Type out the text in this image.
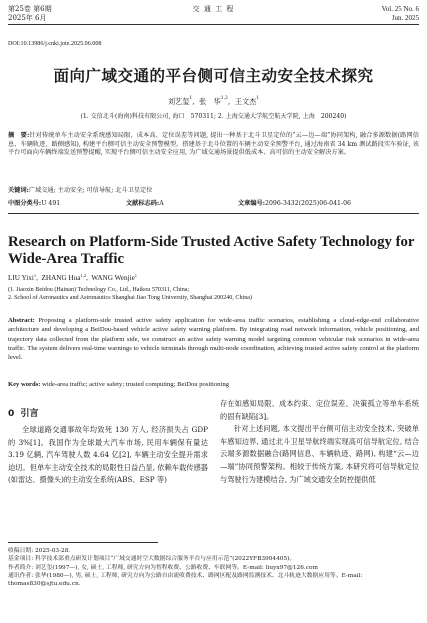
第25卷 第6期
2025年 6月
交 通 工 程	Vol. 25 No. 6
Jun. 2025
DOI:10.13986/j.cnki.jote.2025.06.008
面向广域交通的平台侧可信主动安全技术探究
刘艺玺$^1$,  张　华$^{1,2}$,  王文杰$^1$
(1. 交信北斗(海南)科技有限公司, 海口　570311; 2. 上海交通大学航空航天学院, 上海　200240)
摘　要:针对传统单车主动安全系统感知局限、成本高、定位误差等问题, 提出一种基于北斗卫星定位的“云—边—端”协同架构, 融合多源数据(路网信息、车辆轨迹、路侧感知), 构建平台侧可信主动安全预警模型。搭建基于北斗位置的车辆主动安全预警平台, 通过海南省 34 km 测试路段实车验证, 该平台可面向车辆终端发送预警提醒, 实现平台侧可信主动安全应用, 为广域交通场景提供低成本、高可信的主动安全解决方案。
关键词:广域交通; 主动安全; 可信导航; 北斗卫星定位
中图分类号:U 491	文献标志码:A	文章编号:2096-3432(2025)06-041-06
Research on Platform-Side Trusted Active Safety Technology for Wide-Area Traffic
LIU Yixi$^1$,  ZHANG Hua$^{1,2}$,  WANG Wenjie$^1$
(1. Jiaoxin Beidou (Hainan) Technology Co., Ltd., Haikou 570311, China;
2. School of Aeronautics and Astronautics Shanghai Jiao Tong University, Shanghai 200240, China)
Abstract: Proposing a platform-side trusted active safety application for wide-area traffic scenarios, establishing a cloud-edge-end collaborative architecture and developing a BeiDou-based vehicle active safety warning platform. By integrating road network information, vehicle positioning, and trajectory data collected from the platform side, we construct an active safety warning model targeting common vehicular risk scenarios in wide-area traffic. The system delivers real-time warnings to vehicle terminals through multi-node coordination, achieving trusted active safety control at the platform level.
Key words: wide-area traffic; active safety; trusted computing; BeiDou positioning
0 引言
全球道路交通事故年均致死 130 万人, 经济损失占 GDP 的 3%[1]。我国作为全球最大汽车市场, 民用车辆保有量达 3.19 亿辆, 汽车驾驶人数 4.64 亿[2], 车辆主动安全提升需求迫切。但单车主动安全技术的局限性日益凸显, 依赖车载传感器(如雷达、摄像头)的主动安全系统(ABS、ESP 等)
存在如感知局限、成本约束、定位误差、决策孤立等单车系统的固有缺陷[3]。
针对上述问题, 本文提出平台侧可信主动安全技术, 突破单车感知边界, 通过北斗卫星导航终端实现高可信导航定位, 结合云端多源数据融合(路网信息、车辆轨迹、路网), 构建“云—边—端”协同预警架构。相较于传统方案, 本研究将可信导航定位与驾驶行为建模结合, 为广域交通安全防控提供低
收稿日期: 2025-03-28.
基金项目: 科学技术部重点研发计划项目“广域交通时空大数据综合服务平台与应用示范”(2022YFB3904405)。
作者简介: 刘艺玺(1997—), 女, 硕士, 工程师, 研究方向为智程收费、公路收费、车联网等。E-mail: liuyx97@126.com
通讯作者: 张华(1980—), 男, 硕士, 工程师, 研究方向为公路自由流收费技术、路网区配及路网监测技术、北斗轨迹大数据应用等。E-mail: thomas830@sjtu.edu.cn.
